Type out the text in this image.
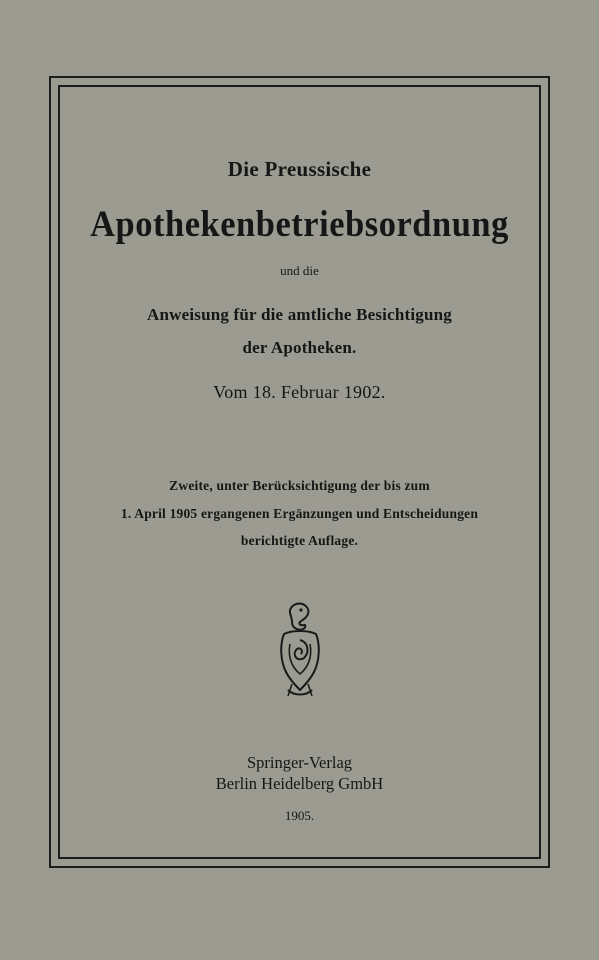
Die Preussische
Apothekenbetriebsordnung
und die
Anweisung für die amtliche Besichtigung
der Apotheken.
Vom 18. Februar 1902.
Zweite, unter Berücksichtigung der bis zum
1. April 1905 ergangenen Ergänzungen und Entscheidungen
berichtigte Auflage.
Springer-Verlag
Berlin Heidelberg GmbH
1905.
